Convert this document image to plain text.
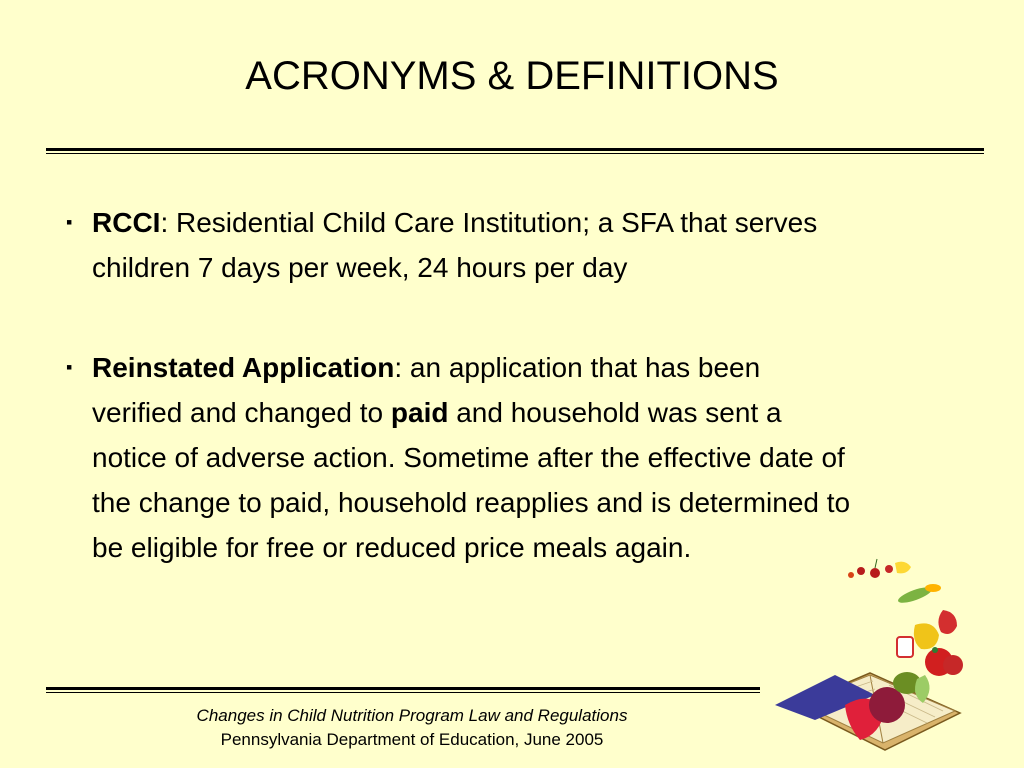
ACRONYMS & DEFINITIONS
▪ RCCI: Residential Child Care Institution; a SFA that serves children 7 days per week, 24 hours per day
▪ Reinstated Application: an application that has been verified and changed to paid and household was sent a notice of adverse action. Sometime after the effective date of the change to paid, household reapplies and is determined to be eligible for free or reduced price meals again.
Changes in Child Nutrition Program Law and Regulations
Pennsylvania Department of Education, June 2005
